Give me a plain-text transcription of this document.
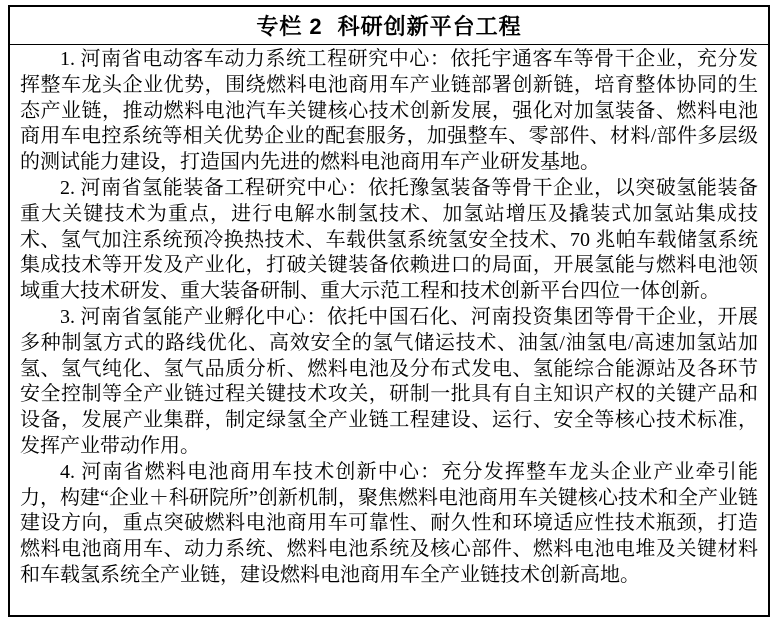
专栏 2 科研创新平台工程

1. 河南省电动客车动力系统工程研究中心：依托宇通客车等骨干企业，充分发挥整车龙头企业优势，围绕燃料电池商用车产业链部署创新链，培育整体协同的生态产业链，推动燃料电池汽车关键核心技术创新发展，强化对加氢装备、燃料电池商用车电控系统等相关优势企业的配套服务，加强整车、零部件、材料/部件多层级的测试能力建设，打造国内先进的燃料电池商用车产业研发基地。

2. 河南省氢能装备工程研究中心：依托豫氢装备等骨干企业，以突破氢能装备重大关键技术为重点，进行电解水制氢技术、加氢站增压及撬装式加氢站集成技术、氢气加注系统预冷换热技术、车载供氢系统氢安全技术、70 兆帕车载储氢系统集成技术等开发及产业化，打破关键装备依赖进口的局面，开展氢能与燃料电池领域重大技术研发、重大装备研制、重大示范工程和技术创新平台四位一体创新。

3. 河南省氢能产业孵化中心：依托中国石化、河南投资集团等骨干企业，开展多种制氢方式的路线优化、高效安全的氢气储运技术、油氢/油氢电/高速加氢站加氢、氢气纯化、氢气品质分析、燃料电池及分布式发电、氢能综合能源站及各环节安全控制等全产业链过程关键技术攻关，研制一批具有自主知识产权的关键产品和设备，发展产业集群，制定绿氢全产业链工程建设、运行、安全等核心技术标准，发挥产业带动作用。

4. 河南省燃料电池商用车技术创新中心：充分发挥整车龙头企业产业牵引能力，构建“企业＋科研院所”创新机制，聚焦燃料电池商用车关键核心技术和全产业链建设方向，重点突破燃料电池商用车可靠性、耐久性和环境适应性技术瓶颈，打造燃料电池商用车、动力系统、燃料电池系统及核心部件、燃料电池电堆及关键材料和车载氢系统全产业链，建设燃料电池商用车全产业链技术创新高地。
